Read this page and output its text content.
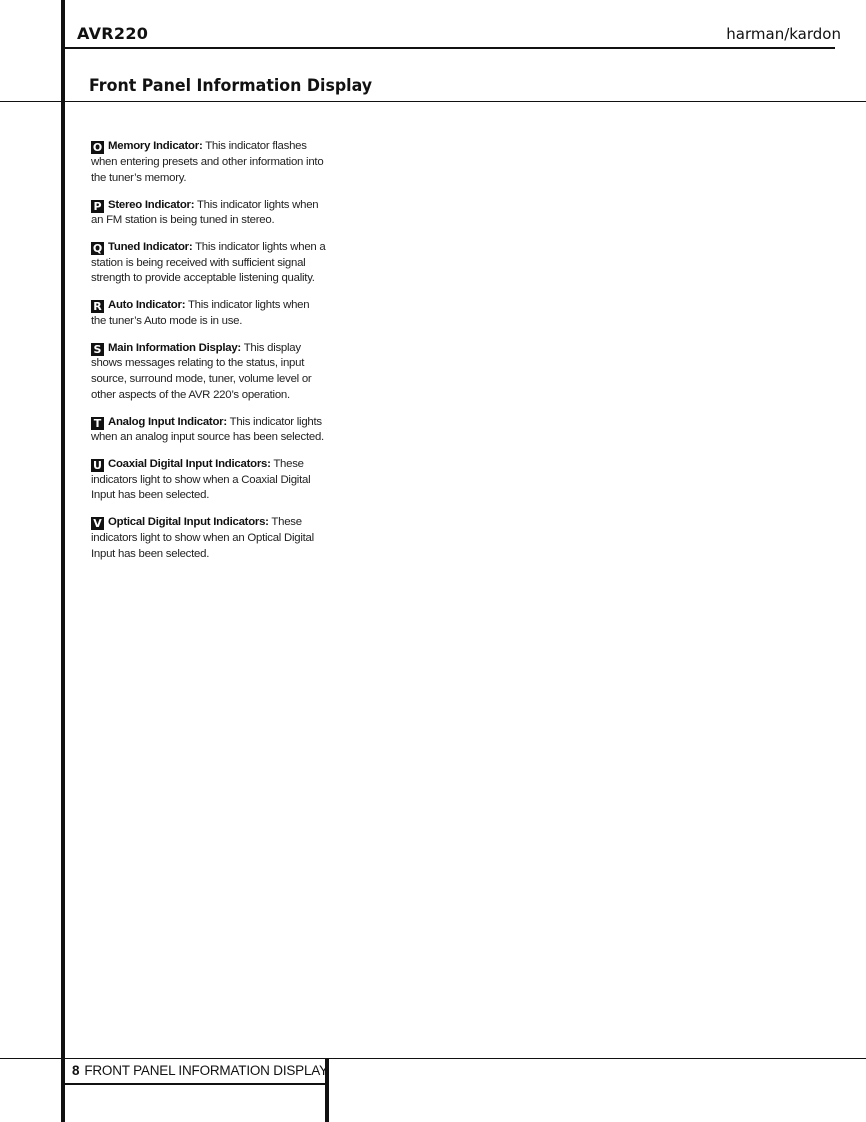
AVR220	harman/kardon
Front Panel Information Display

O Memory Indicator: This indicator flashes when entering presets and other information into the tuner’s memory.

P Stereo Indicator: This indicator lights when an FM station is being tuned in stereo.

Q Tuned Indicator: This indicator lights when a station is being received with sufficient signal strength to provide acceptable listening quality.

R Auto Indicator: This indicator lights when the tuner’s Auto mode is in use.

S Main Information Display: This display shows messages relating to the status, input source, surround mode, tuner, volume level or other aspects of the AVR 220’s operation.

T Analog Input Indicator: This indicator lights when an analog input source has been selected.

U Coaxial Digital Input Indicators: These indicators light to show when a Coaxial Digital Input has been selected.

V Optical Digital Input Indicators: These indicators light to show when an Optical Digital Input has been selected.

8 FRONT PANEL INFORMATION DISPLAY
